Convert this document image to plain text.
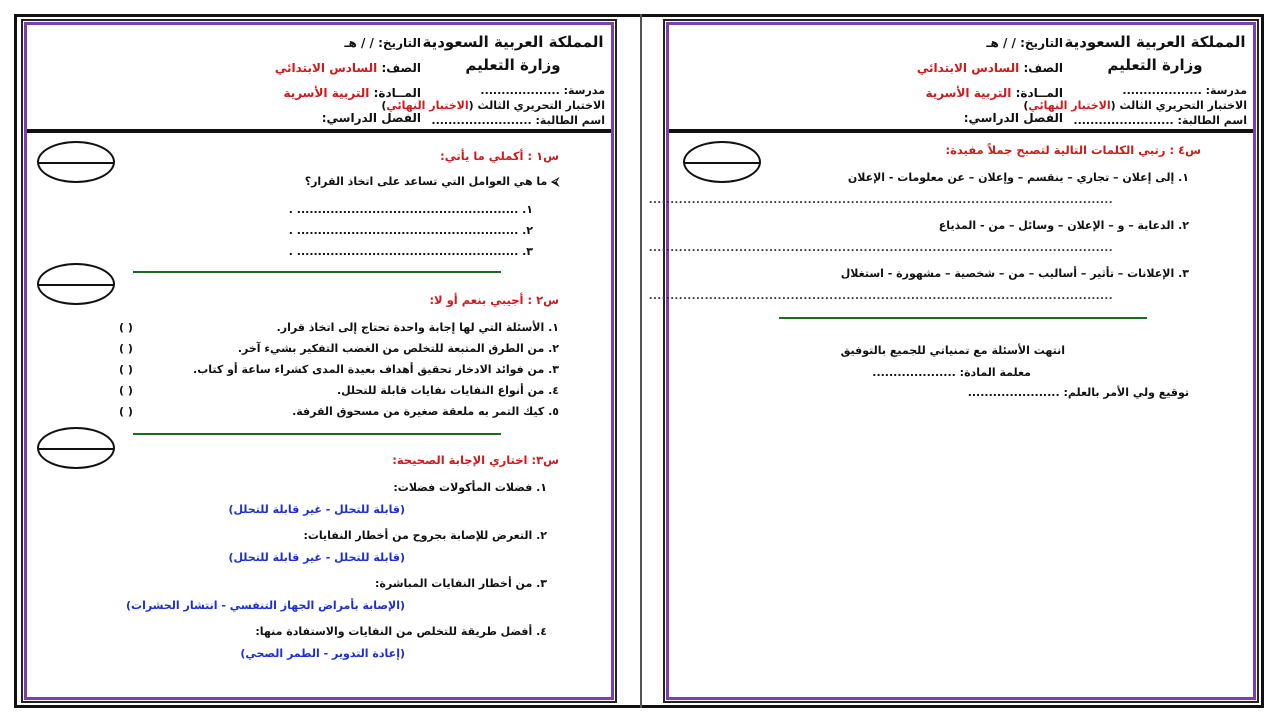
المملكة العربية السعودية
وزارة التعليم
التاريخ: / / هـ
الصف: السادس الابتدائي
المــادة: التربية الأسرية
الفصل الدراسي:
مدرسة: ...................
الاختبار التحريري الثالث (الاختبار النهائي)
اسم الطالبة: ........................
س٤ : رتبي الكلمات التالية لتصبح جملاً مفيدة:
١. إلى إعلان – تجاري – ينقسم – وإعلان – عن معلومات - الإعلان
............................................................................................................
٢. الدعاية – و – الإعلان – وسائل – من - المذياع
............................................................................................................
٣. الإعلانات – تأثير – أساليب – من – شخصية – مشهورة - استغلال
............................................................................................................
انتهت الأسئلة مع تمنياتي للجميع بالتوفيق
معلمة المادة: ....................
توقيع ولي الأمر بالعلم: ......................
المملكة العربية السعودية
وزارة التعليم
التاريخ: / / هـ
الصف: السادس الابتدائي
المــادة: التربية الأسرية
الفصل الدراسي:
مدرسة: ...................
الاختبار التحريري الثالث (الاختبار النهائي)
اسم الطالبة: ........................
س١ : أكملي ما يأتي:
⮘ ما هي العوامل التي تساعد على اتخاذ القرار؟
١. ..................................................... .
٢. ..................................................... .
٣. ..................................................... .
س٢ : أجيبي بنعم أو لا:
١. الأسئلة التي لها إجابة واحدة تحتاج إلى اتخاذ قرار.
( )
٢. من الطرق المتبعة للتخلص من الغضب التفكير بشيء آخر.
( )
٣. من فوائد الادخار تحقيق أهداف بعيدة المدى كشراء ساعة أو كتاب.
( )
٤. من أنواع النفايات نفايات قابلة للتحلل.
( )
٥. كيك التمر به ملعقة صغيرة من مسحوق القرفة.
( )
س٣: اختاري الإجابة الصحيحة:
١. فضلات المأكولات فضلات:
(قابلة للتحلل - غير قابلة للتحلل)
٢. التعرض للإصابة بجروح من أخطار النفايات:
(قابلة للتحلل - غير قابلة للتحلل)
٣. من أخطار النفايات المباشرة:
(الإصابة بأمراض الجهاز التنفسي - انتشار الحشرات)
٤. أفضل طريقة للتخلص من النفايات والاستفادة منها:
(إعادة التدوير - الطمر الصحي)
